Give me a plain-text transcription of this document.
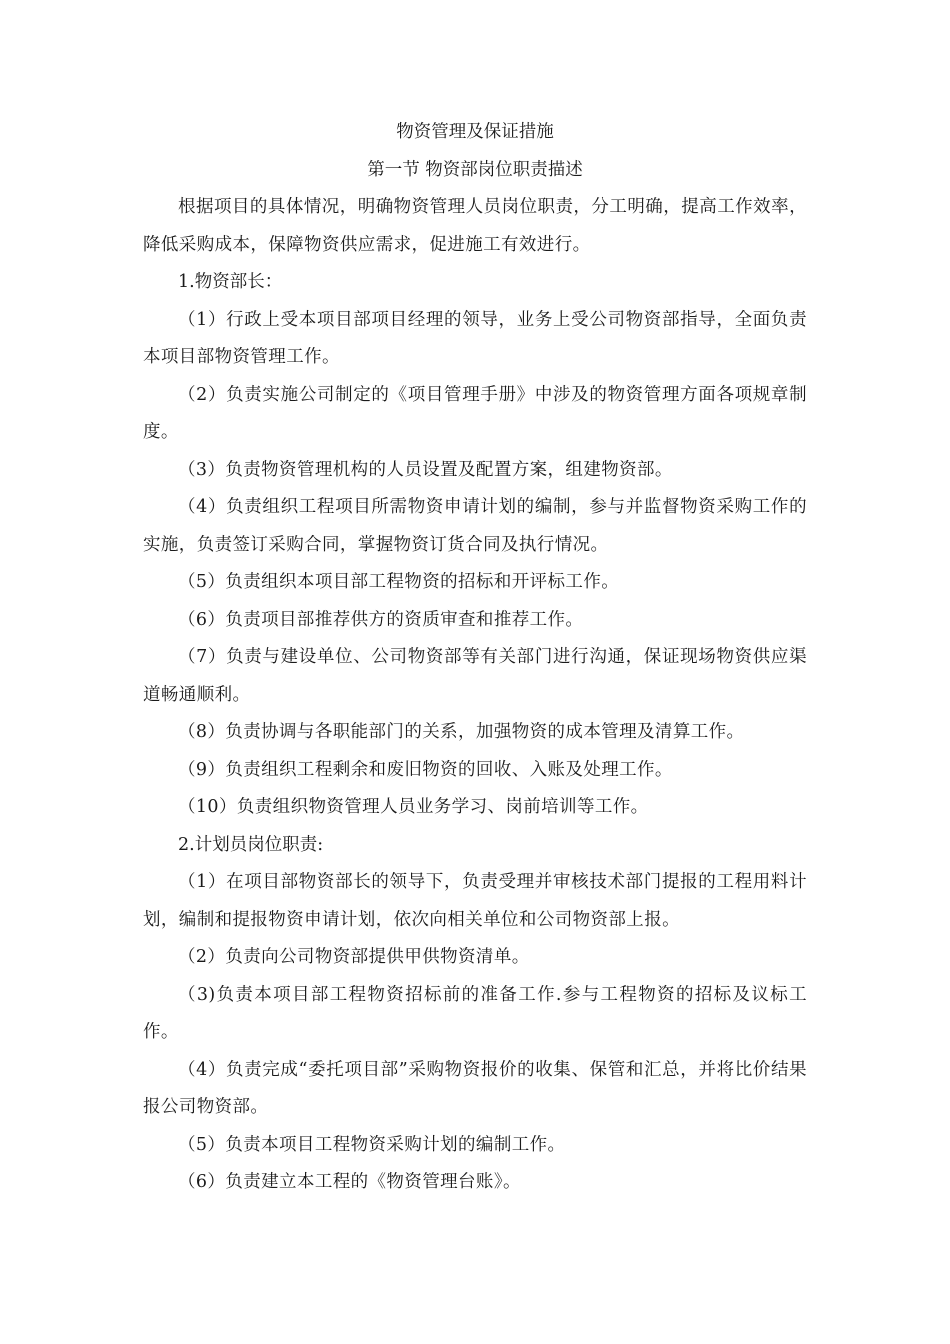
物资管理及保证措施
第一节 物资部岗位职责描述

根据项目的具体情况，明确物资管理人员岗位职责，分工明确，提高工作效率，降低采购成本，保障物资供应需求，促进施工有效进行。

1.物资部长：

（1）行政上受本项目部项目经理的领导，业务上受公司物资部指导，全面负责本项目部物资管理工作。

（2）负责实施公司制定的《项目管理手册》中涉及的物资管理方面各项规章制度。

（3）负责物资管理机构的人员设置及配置方案，组建物资部。

（4）负责组织工程项目所需物资申请计划的编制，参与并监督物资采购工作的实施，负责签订采购合同，掌握物资订货合同及执行情况。

（5）负责组织本项目部工程物资的招标和开评标工作。

（6）负责项目部推荐供方的资质审查和推荐工作。

（7）负责与建设单位、公司物资部等有关部门进行沟通，保证现场物资供应渠道畅通顺利。

（8）负责协调与各职能部门的关系，加强物资的成本管理及清算工作。

（9）负责组织工程剩余和废旧物资的回收、入账及处理工作。

（10）负责组织物资管理人员业务学习、岗前培训等工作。

2.计划员岗位职责:

（1）在项目部物资部长的领导下，负责受理并审核技术部门提报的工程用料计划，编制和提报物资申请计划，依次向相关单位和公司物资部上报。

（2）负责向公司物资部提供甲供物资清单。

（3)负责本项目部工程物资招标前的准备工作.参与工程物资的招标及议标工作。

（4）负责完成“委托项目部”采购物资报价的收集、保管和汇总，并将比价结果报公司物资部。

（5）负责本项目工程物资采购计划的编制工作。

（6）负责建立本工程的《物资管理台账》。
